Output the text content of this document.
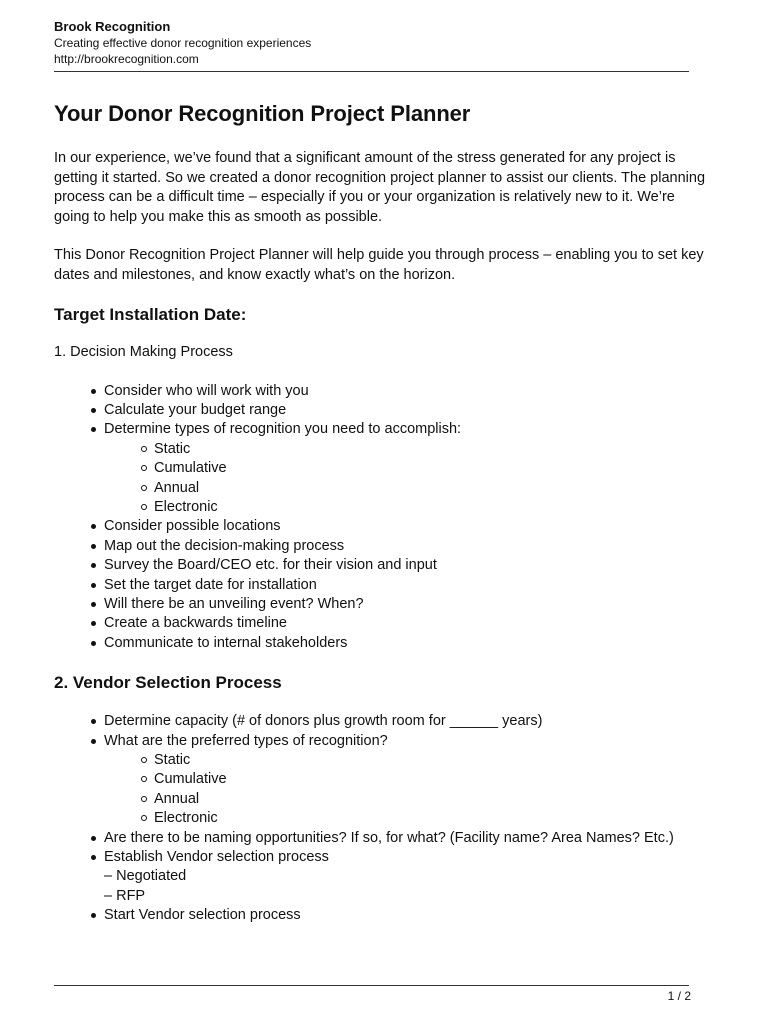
Brook Recognition

Creating effective donor recognition experiences

http://brookrecognition.com

Your Donor Recognition Project Planner

In our experience, we’ve found that a significant amount of the stress generated for any project is getting it started. So we created a donor recognition project planner to assist our clients. The planning process can be a difficult time – especially if you or your organization is relatively new to it. We’re going to help you make this as smooth as possible.

This Donor Recognition Project Planner will help guide you through process – enabling you to set key dates and milestones, and know exactly what’s on the horizon.

Target Installation Date:

1. Decision Making Process

Consider who will work with you
Calculate your budget range
Determine types of recognition you need to accomplish:
Static
Cumulative
Annual
Electronic
Consider possible locations
Map out the decision-making process
Survey the Board/CEO etc. for their vision and input
Set the target date for installation
Will there be an unveiling event? When?
Create a backwards timeline
Communicate to internal stakeholders
2. Vendor Selection Process
Determine capacity (# of donors plus growth room for ______ years)
What are the preferred types of recognition?
Static
Cumulative
Annual
Electronic
Are there to be naming opportunities? If so, for what? (Facility name? Area Names? Etc.)
Establish Vendor selection process
– Negotiated
– RFP
Start Vendor selection process
1 / 2
